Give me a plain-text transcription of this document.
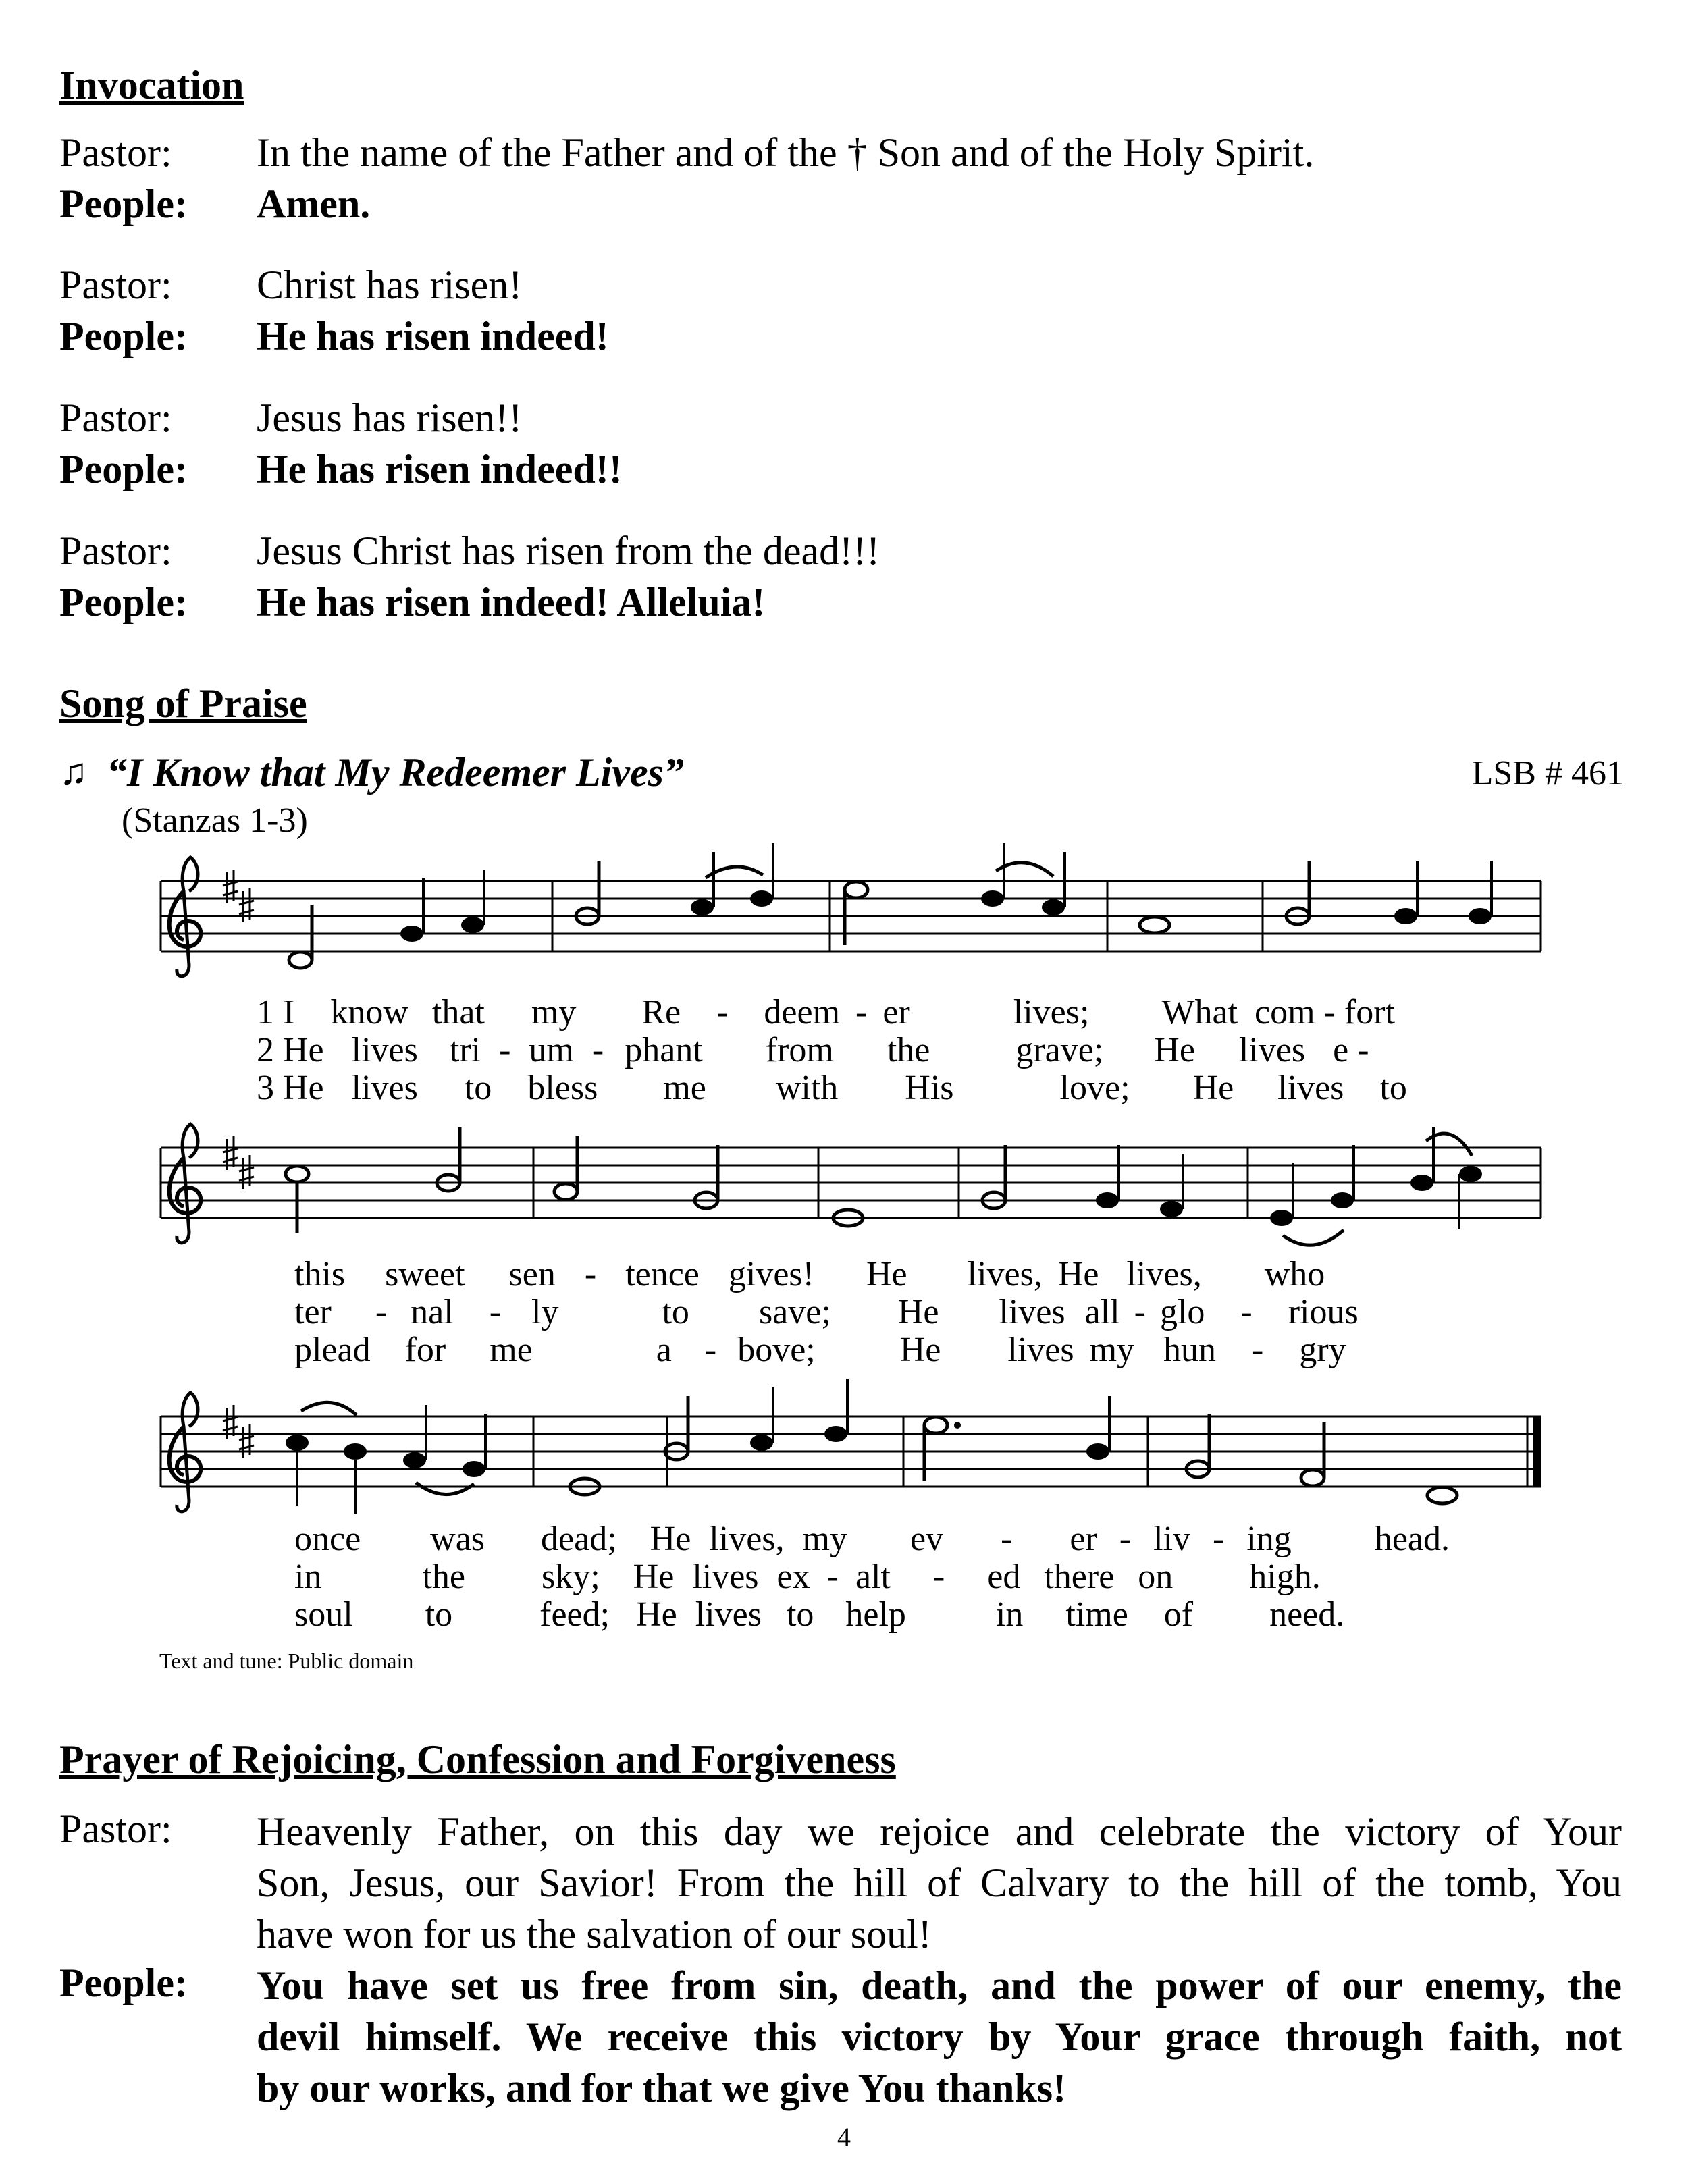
Invocation
Pastor: In the name of the Father and of the † Son and of the Holy Spirit.
People: Amen.
Pastor: Christ has risen!
People: He has risen indeed!
Pastor: Jesus has risen!!
People: He has risen indeed!!
Pastor: Jesus Christ has risen from the dead!!!
People: He has risen indeed! Alleluia!
Song of Praise
♫ “I Know that My Redeemer Lives”	LSB # 461
(Stanzas 1-3)
1 I know that my Re - deem - er	lives; What com - fort
2 He lives tri - um - phant from the grave; He lives e -
3 He lives to bless me with His	love; He lives to
this sweet sen - tence gives! He lives, He lives, who
ter - nal - ly	to save; He lives all - glo - rious
plead for me	a - bove; He lives my hun - gry
once was dead; He lives, my ev - er - liv - ing head.
in	the sky; He lives ex - alt - ed there on high.
soul to feed; He lives to help	in time of need.
Text and tune: Public domain
Prayer of Rejoicing, Confession and Forgiveness
Pastor: Heavenly Father, on this day we rejoice and celebrate the victory of Your
Son, Jesus, our Savior! From the hill of Calvary to the hill of the tomb, You
have won for us the salvation of our soul!
People: You have set us free from sin, death, and the power of our enemy, the
devil himself. We receive this victory by Your grace through faith, not
by our works, and for that we give You thanks!
4
